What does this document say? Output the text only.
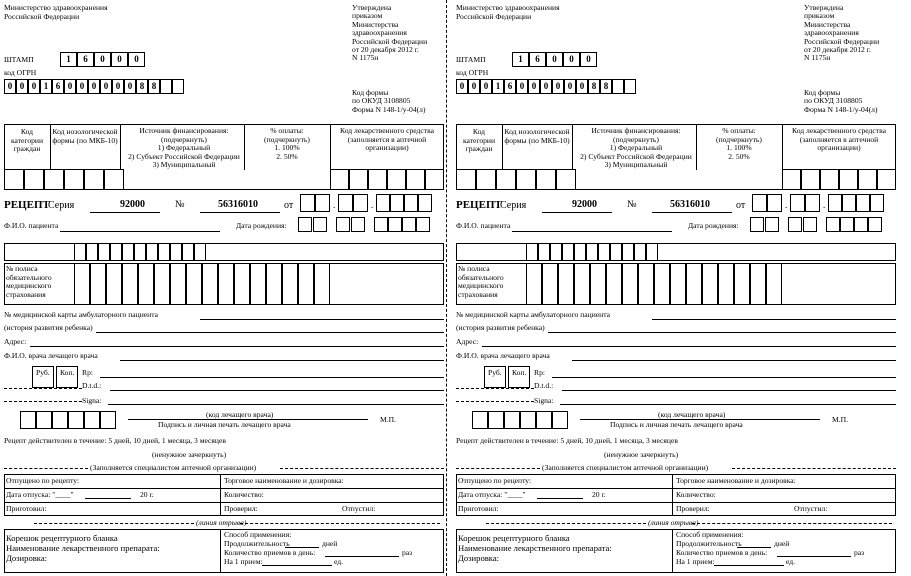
Министерство здравоохранения
Российской Федерации
Утверждена
приказом
Министерства
здравоохранения
Российской Федерации
от 20 декабря 2012 г.
N 1175н
ШТАМП	1	6	0	0	0
код ОГРН
0 0 0 1 6 0 0 0 0 0 0 8 8
Код формы
по ОКУД 3108805
Форма N 148-1/у-04(л)
Код категории граждан
Код нозологической формы (по МКБ-10)
Источник финансирования:
(подчеркнуть)
1) Федеральный
2) Субъект Российской Федерации
3) Муниципальный
% оплаты:
(подчеркнуть)
1. 100%
2. 50%
Код лекарственного средства (заполняется в аптечной организации)
РЕЦЕПТ
Серия	92000	№	56316010	от	.	.
Ф.И.О. пациента	Дата рождения:
№ полиса
обязательного
медицинского
страхования
№ медицинской карты амбулаторного пациента
(история развития ребенка)
Адрес:
Ф.И.О. врача лечащего врача
Руб. Коп. Rp:
D.t.d.:
Signa:
(код лечащего врача)
Подпись и личная печать лечащего врача
М.П.
Рецепт действителен в течение: 5 дней, 10 дней, 1 месяца, 3 месяцев
(ненужное зачеркнуть)
(Заполняется специалистом аптечной организации)
Отпущено по рецепту:	Торговое наименование и дозировка:
Дата отпуска: "____"	20 г.	Количество:
Приготовил:	Проверил:	Отпустил:
(линия отрыва)
Корешок рецептурного бланка
Наименование лекарственного препарата:
Дозировка:
Способ применения:
Продолжительность	дней
Количество приемов в день:	раз
На 1 прием:	ед.
Министерство здравоохранения
Российской Федерации
Утверждена
приказом
Министерства
здравоохранения
Российской Федерации
от 20 декабря 2012 г.
N 1175н
ШТАМП	1	6	0	0	0
код ОГРН
0 0 0 1 6 0 0 0 0 0 0 8 8
Код формы
по ОКУД 3108805
Форма N 148-1/у-04(л)
Код категории граждан
Код нозологической формы (по МКБ-10)
Источник финансирования:
(подчеркнуть)
1) Федеральный
2) Субъект Российской Федерации
3) Муниципальный
% оплаты:
(подчеркнуть)
1. 100%
2. 50%
Код лекарственного средства (заполняется в аптечной организации)
РЕЦЕПТ
Серия	92000	№	56316010	от	.	.
Ф.И.О. пациента	Дата рождения:
№ полиса
обязательного
медицинского
страхования
№ медицинской карты амбулаторного пациента
(история развития ребенка)
Адрес:
Ф.И.О. врача лечащего врача
Руб. Коп. Rp:
D.t.d.:
Signa:
(код лечащего врача)
Подпись и личная печать лечащего врача
М.П.
Рецепт действителен в течение: 5 дней, 10 дней, 1 месяца, 3 месяцев
(ненужное зачеркнуть)
(Заполняется специалистом аптечной организации)
Отпущено по рецепту:	Торговое наименование и дозировка:
Дата отпуска: "____"	20 г.	Количество:
Приготовил:	Проверил:	Отпустил:
(линия отрыва)
Корешок рецептурного бланка
Наименование лекарственного препарата:
Дозировка:
Способ применения:
Продолжительность	дней
Количество приемов в день:	раз
На 1 прием:	ед.
